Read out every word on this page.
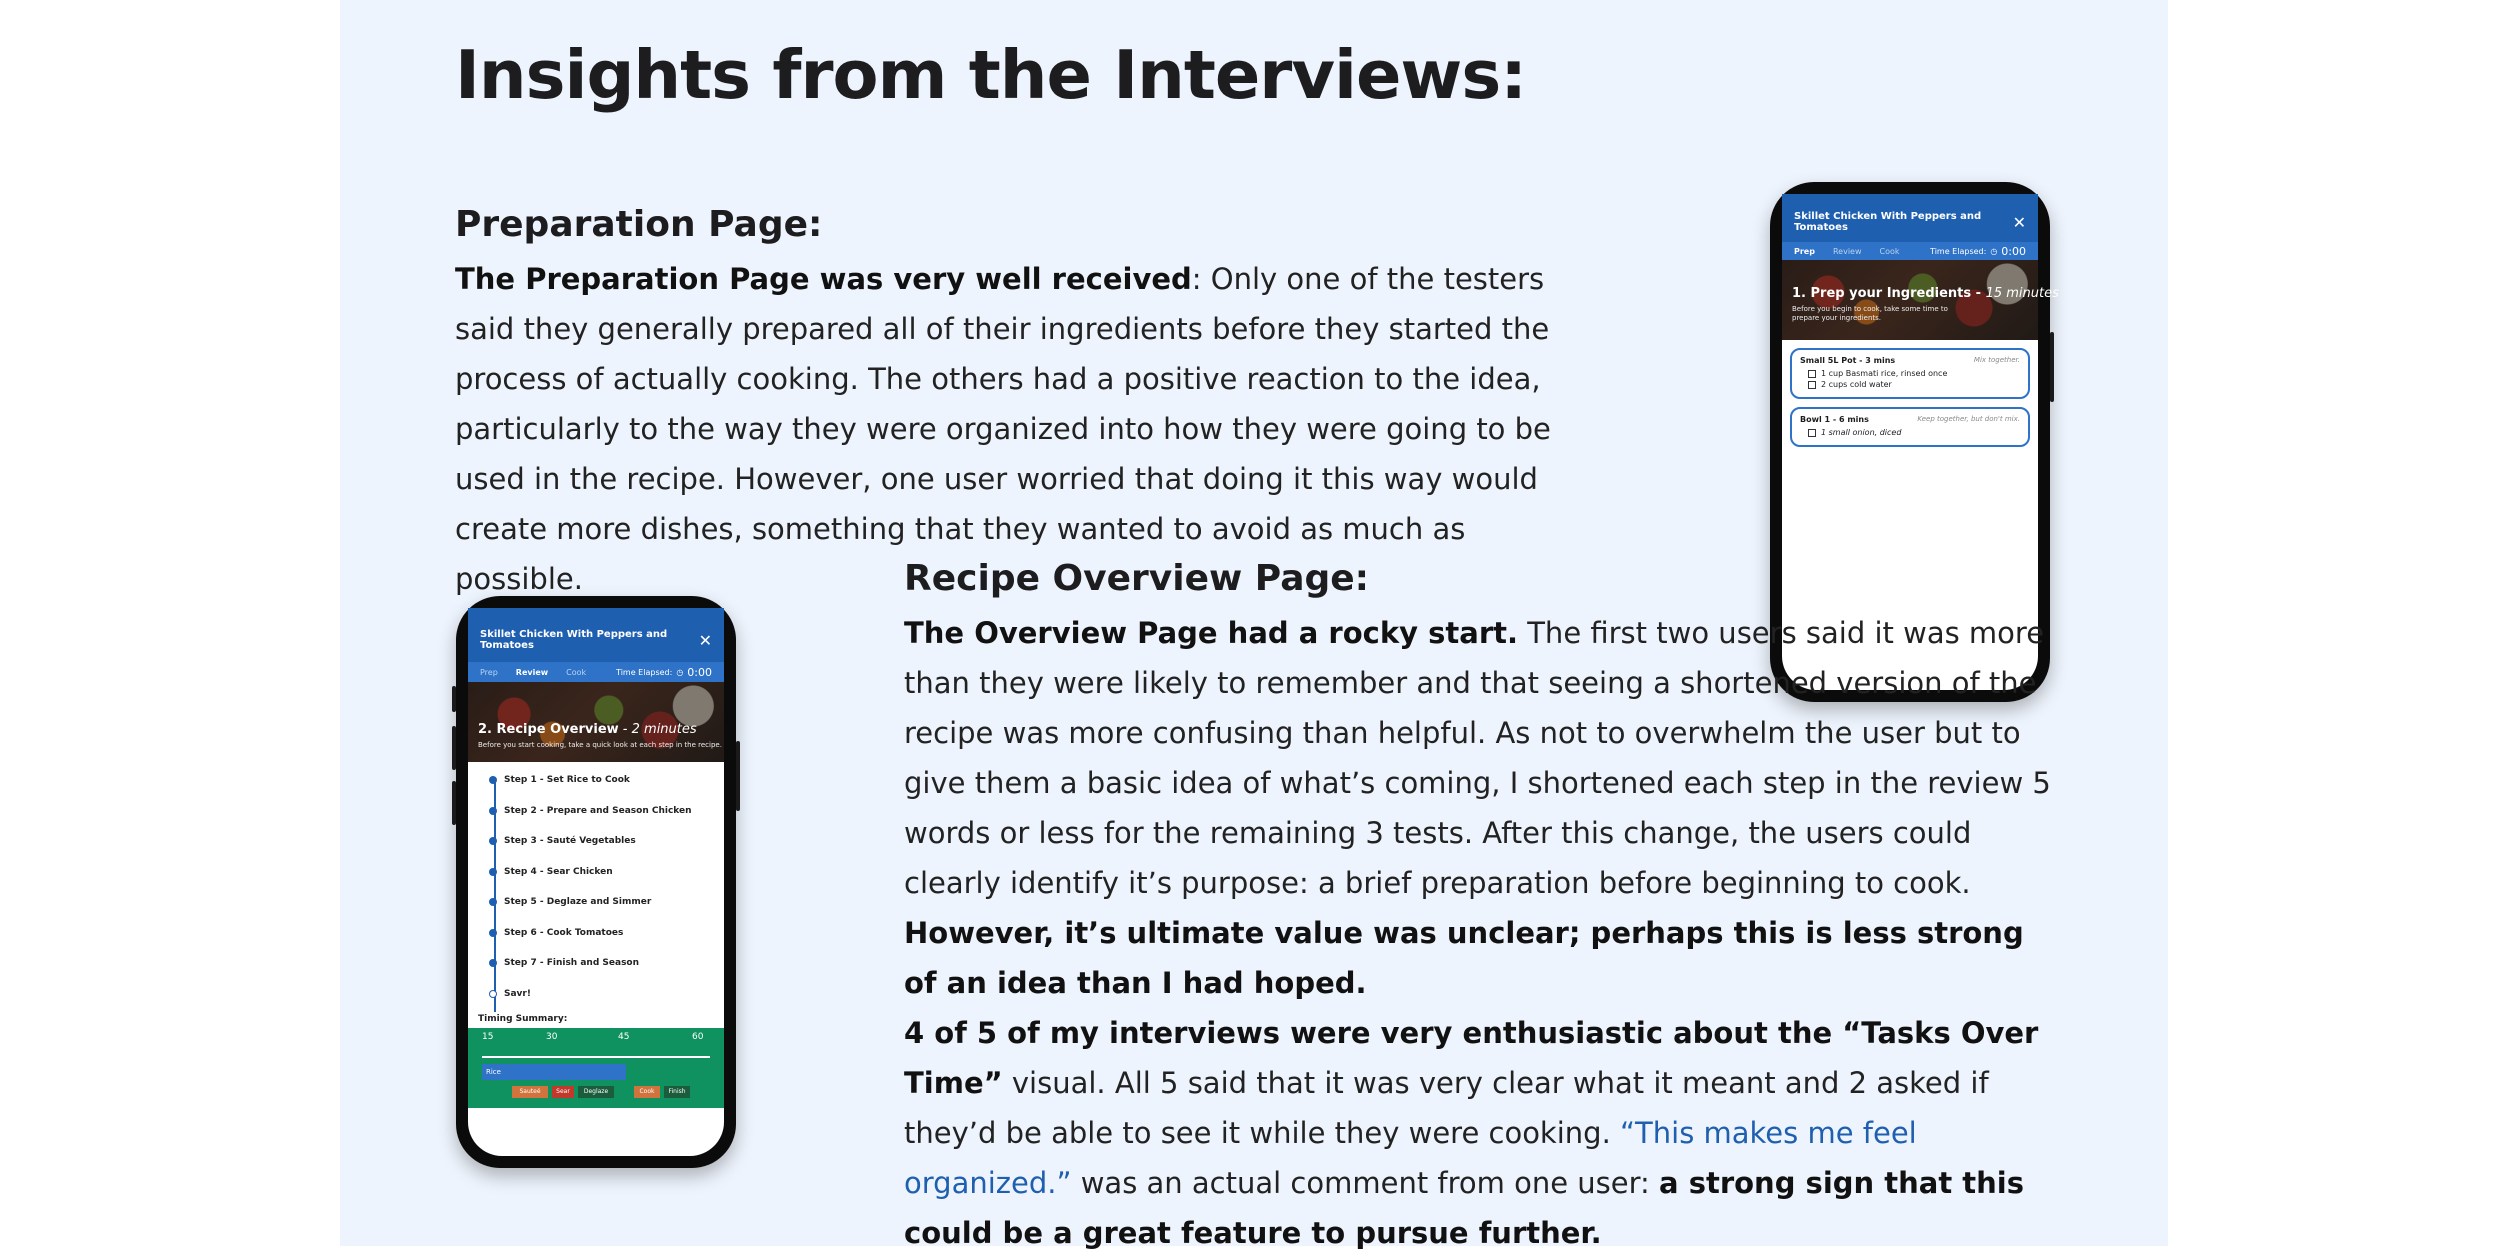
Insights from the Interviews:
Preparation Page:

The Preparation Page was very well received: Only one of the testers said they generally prepared all of their ingredients before they started the process of actually cooking. The others had a positive reaction to the idea, particularly to the way they were organized into how they were going to be used in the recipe. However, one user worried that doing it this way would create more dishes, something that they wanted to avoid as much as possible.

Skillet Chicken With Peppers and Tomatoes	✕
Prep Review Cook	Time Elapsed: ◷ 0:00
1. Prep your Ingredients - 15 minutes
Before you begin to cook, take some time to prepare your ingredients.
Small 5L Pot - 3 mins	Mix together.
1 cup Basmati rice, rinsed once
2 cups cold water
Bowl 1 - 6 mins	Keep together, but don't mix.
1 small onion, diced
Recipe Overview Page:

The Overview Page had a rocky start. The first two users said it was more than they were likely to remember and that seeing a shortened version of the recipe was more confusing than helpful. As not to overwhelm the user but to give them a basic idea of what’s coming, I shortened each step in the review 5 words or less for the remaining 3 tests. After this change, the users could clearly identify it’s purpose: a brief preparation before beginning to cook. However, it’s ultimate value was unclear; perhaps this is less strong of an idea than I had hoped.

4 of 5 of my interviews were very enthusiastic about the “Tasks Over Time” visual. All 5 said that it was very clear what it meant and 2 asked if they’d be able to see it while they were cooking. “This makes me feel organized.” was an actual comment from one user: a strong sign that this could be a great feature to pursue further.

Skillet Chicken With Peppers and Tomatoes	✕
Prep Review Cook	Time Elapsed: ◷ 0:00
2. Recipe Overview - 2 minutes
Before you start cooking, take a quick look at each step in the recipe.
Step 1 - Set Rice to Cook
Step 2 - Prepare and Season Chicken
Step 3 - Sauté Vegetables
Step 4 - Sear Chicken
Step 5 - Deglaze and Simmer
Step 6 - Cook Tomatoes
Step 7 - Finish and Season
Savr!
Timing Summary:
15	30	45	60
Rice
Sauteé	Sear	Deglaze	Cook	Finish
